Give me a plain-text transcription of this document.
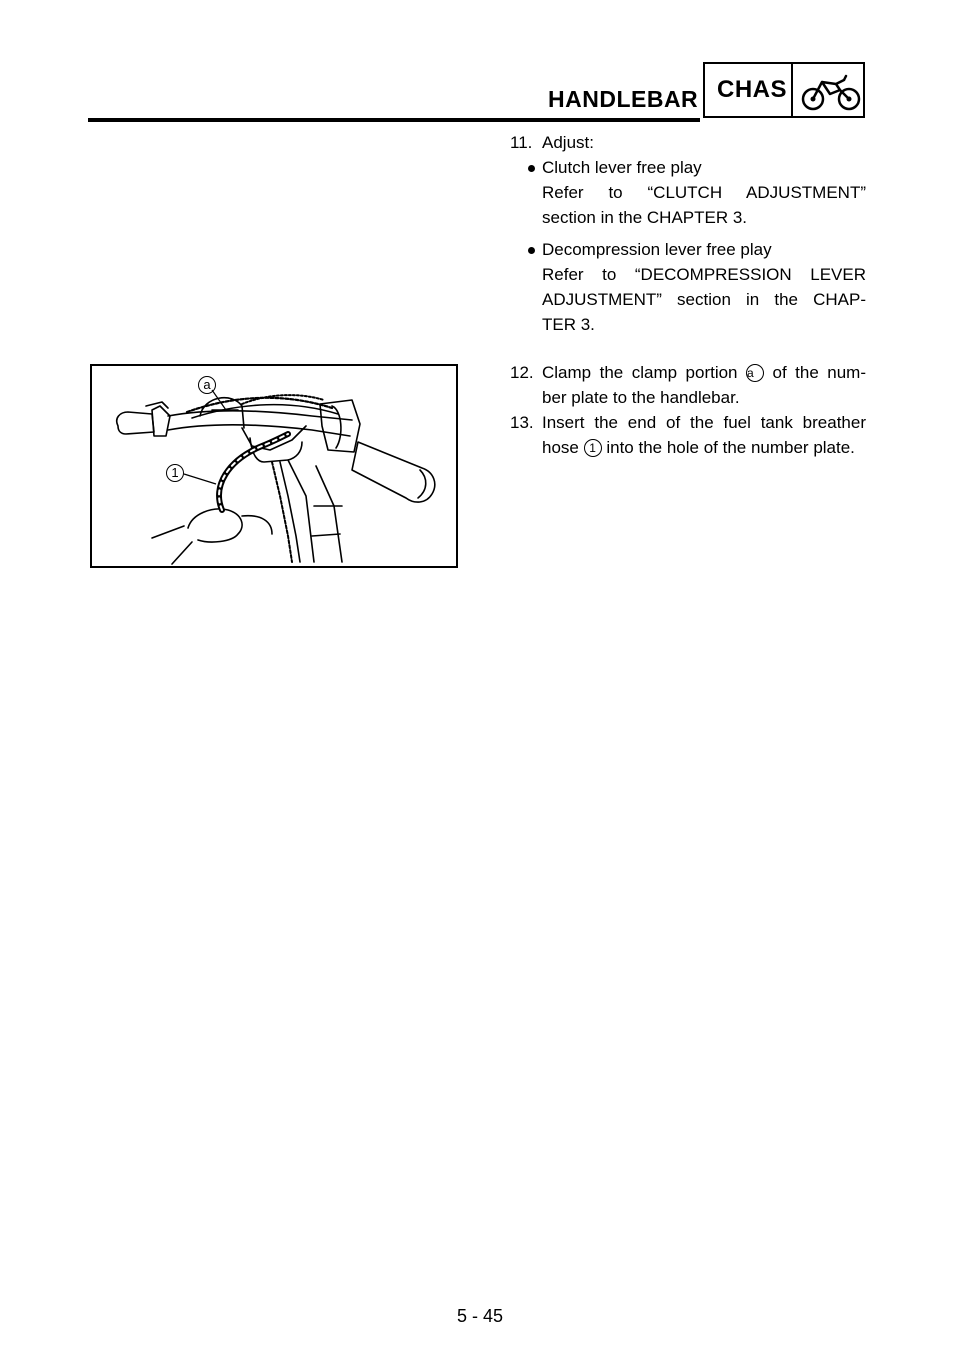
HANDLEBAR CHAS
11. Adjust:
Clutch lever free play
Refer to “CLUTCH ADJUSTMENT”
section in the CHAPTER 3.
Decompression lever free play
Refer to “DECOMPRESSION LEVER
ADJUSTMENT” section in the CHAP-
TER 3.
12. Clamp the clamp portion a of the num-
ber plate to the handlebar.
13. Insert the end of the fuel tank breather
hose 1 into the hole of the number plate.
a
1
5 - 45
